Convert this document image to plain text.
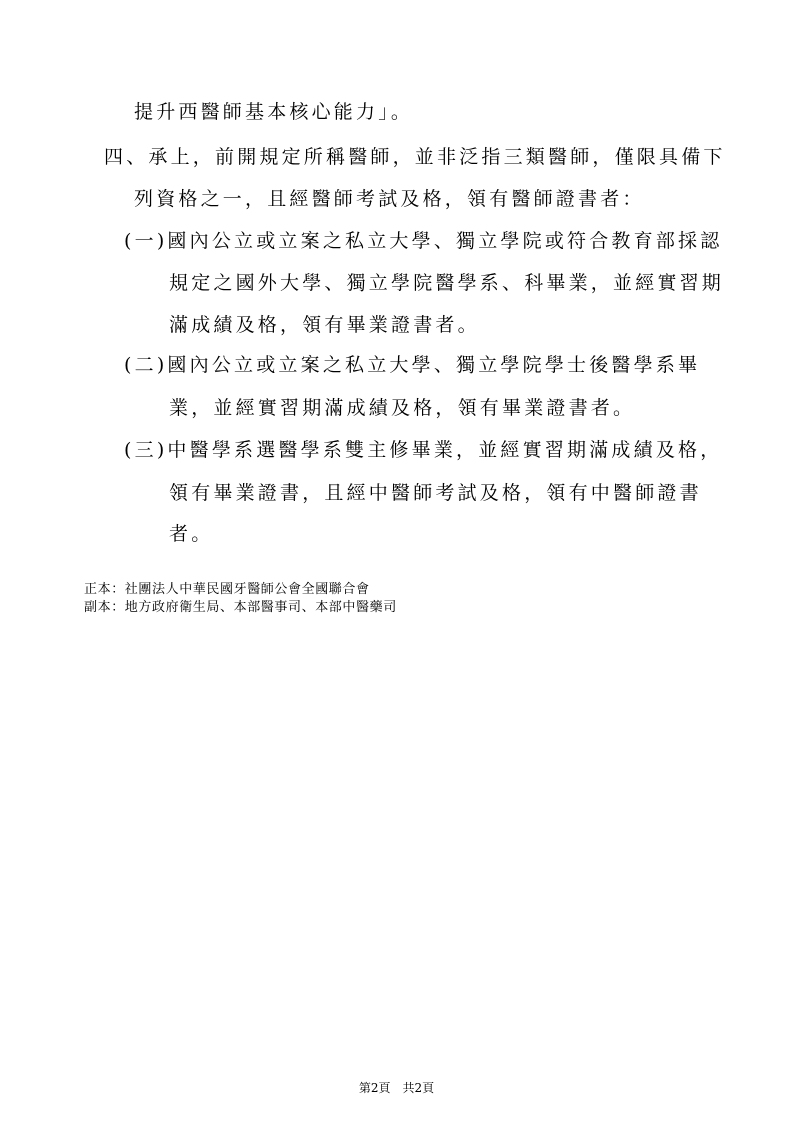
提升西醫師基本核心能力」。
四、承上，前開規定所稱醫師，並非泛指三類醫師，僅限具備下
列資格之一，且經醫師考試及格，領有醫師證書者：
(一)國內公立或立案之私立大學、獨立學院或符合教育部採認
規定之國外大學、獨立學院醫學系、科畢業，並經實習期
滿成績及格，領有畢業證書者。
(二)國內公立或立案之私立大學、獨立學院學士後醫學系畢
業，並經實習期滿成績及格，領有畢業證書者。
(三)中醫學系選醫學系雙主修畢業，並經實習期滿成績及格，
領有畢業證書，且經中醫師考試及格，領有中醫師證書
者。
正本：社團法人中華民國牙醫師公會全國聯合會
副本：地方政府衛生局、本部醫事司、本部中醫藥司
第2頁 共2頁
